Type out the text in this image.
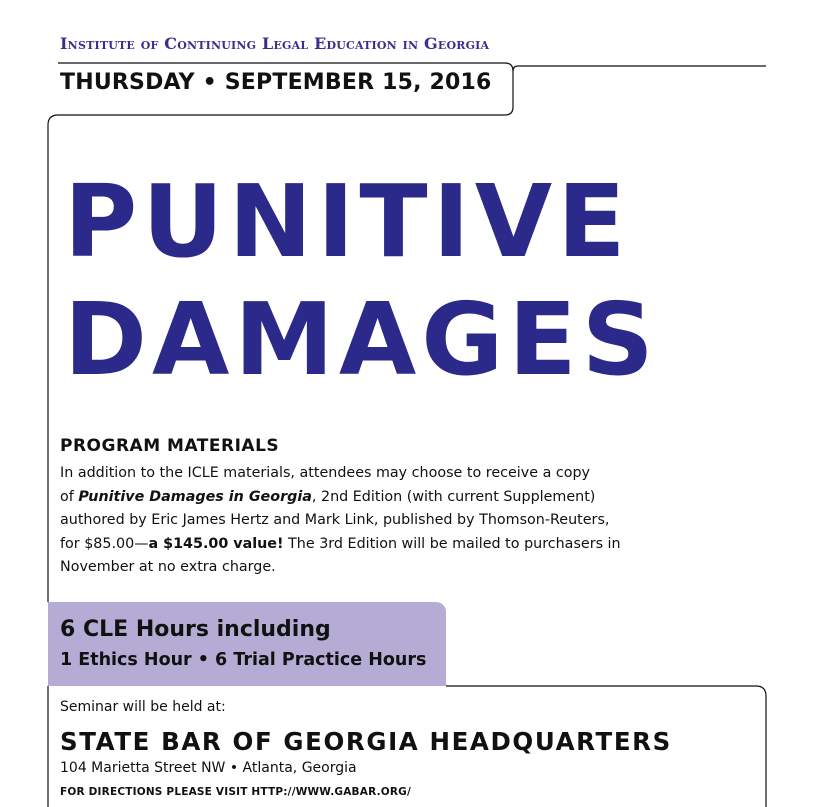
Institute of Continuing Legal Education in Georgia
THURSDAY • SEPTEMBER 15, 2016
PUNITIVE
DAMAGES
PROGRAM MATERIALS
In addition to the ICLE materials, attendees may choose to receive a copy
of Punitive Damages in Georgia, 2nd Edition (with current Supplement)
authored by Eric James Hertz and Mark Link, published by Thomson-Reuters,
for $85.00—a $145.00 value! The 3rd Edition will be mailed to purchasers in
November at no extra charge.
6 CLE Hours including
1 Ethics Hour • 6 Trial Practice Hours
Seminar will be held at:
STATE BAR OF GEORGIA HEADQUARTERS
104 Marietta Street NW • Atlanta, Georgia
FOR DIRECTIONS PLEASE VISIT HTTP://WWW.GABAR.ORG/
